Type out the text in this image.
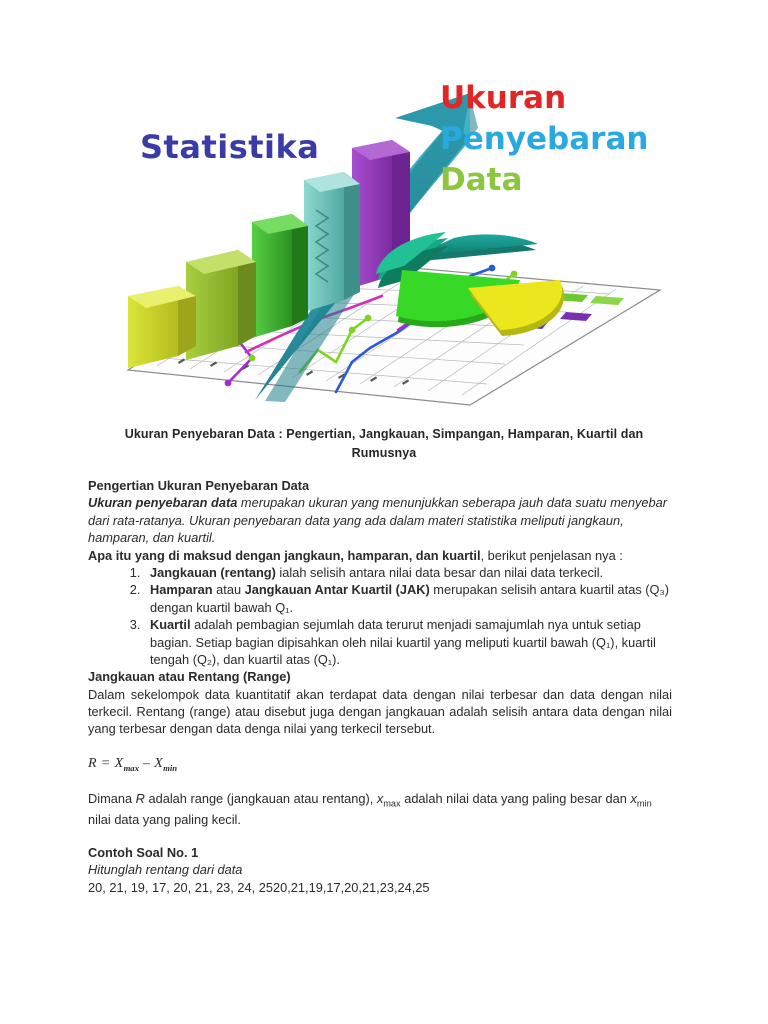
Statistika
Ukuran
Penyebaran
Data
Ukuran Penyebaran Data : Pengertian, Jangkauan, Simpangan, Hamparan, Kuartil dan Rumusnya

Pengertian Ukuran Penyebaran Data

Ukuran penyebaran data merupakan ukuran yang menunjukkan seberapa jauh data suatu menyebar dari rata-ratanya. Ukuran penyebaran data yang ada dalam materi statistika meliputi jangkaun, hamparan, dan kuartil.

Apa itu yang di maksud dengan jangkaun, hamparan, dan kuartil, berikut penjelasan nya :

1. Jangkauan (rentang) ialah selisih antara nilai data besar dan nilai data terkecil.
2. Hamparan atau Jangkauan Antar Kuartil (JAK) merupakan selisih antara kuartil atas (Q₃) dengan kuartil bawah Q₁.
3. Kuartil adalah pembagian sejumlah data terurut menjadi samajumlah nya untuk setiap bagian. Setiap bagian dipisahkan oleh nilai kuartil yang meliputi kuartil bawah (Q₁), kuartil tengah (Q₂), dan kuartil atas (Q₁).

Jangkauan atau Rentang (Range)

Dalam sekelompok data kuantitatif akan terdapat data dengan nilai terbesar dan data dengan nilai terkecil. Rentang (range) atau disebut juga dengan jangkauan adalah selisih antara data dengan nilai yang terbesar dengan data denga nilai yang terkecil tersebut.

$R = X_{max} - X_{min}$

Dimana R adalah range (jangkauan atau rentang), $x_{max}$ adalah nilai data yang paling besar dan $x_{min}$ nilai data yang paling kecil.

Contoh Soal No. 1

Hitunglah rentang dari data

20, 21, 19, 17, 20, 21, 23, 24, 2520,21,19,17,20,21,23,24,25
